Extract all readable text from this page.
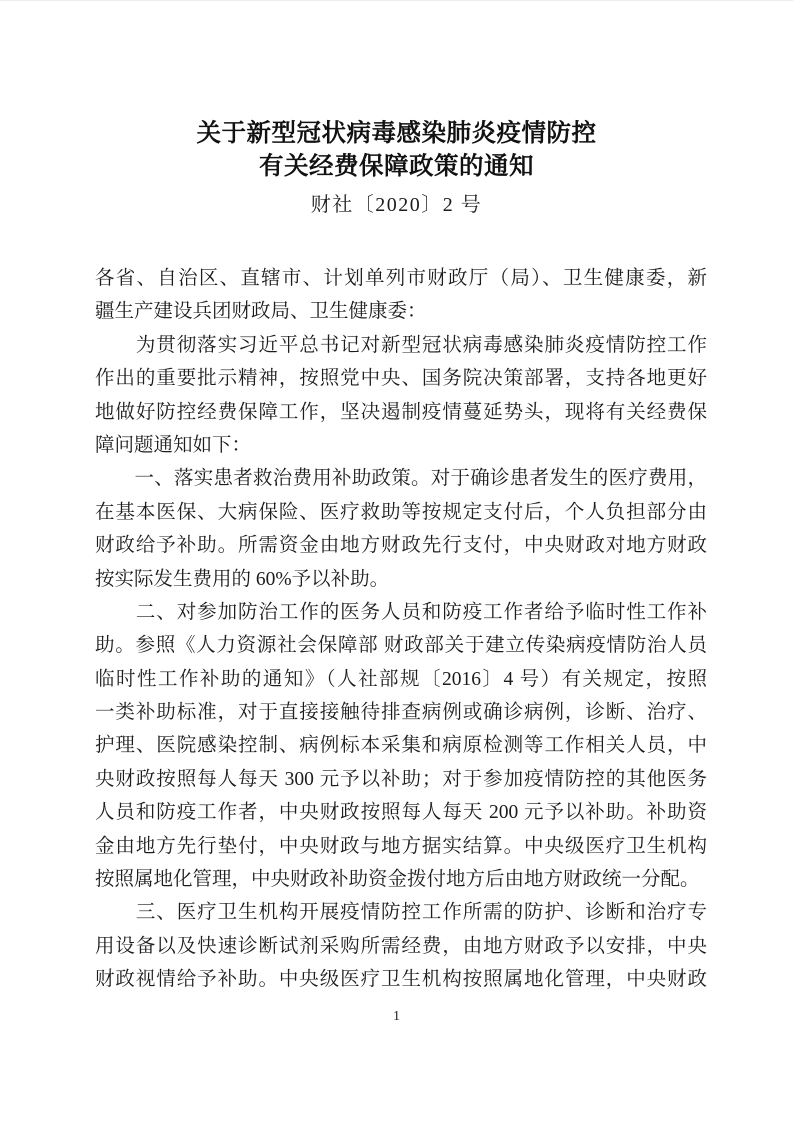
关于新型冠状病毒感染肺炎疫情防控
有关经费保障政策的通知
财社〔2020〕2 号
各省、自治区、直辖市、计划单列市财政厅（局）、卫生健康委，新
疆生产建设兵团财政局、卫生健康委：
　　为贯彻落实习近平总书记对新型冠状病毒感染肺炎疫情防控工作
作出的重要批示精神，按照党中央、国务院决策部署，支持各地更好
地做好防控经费保障工作，坚决遏制疫情蔓延势头，现将有关经费保
障问题通知如下：
　　一、落实患者救治费用补助政策。对于确诊患者发生的医疗费用，
在基本医保、大病保险、医疗救助等按规定支付后，个人负担部分由
财政给予补助。所需资金由地方财政先行支付，中央财政对地方财政
按实际发生费用的 60%予以补助。
　　二、对参加防治工作的医务人员和防疫工作者给予临时性工作补
助。参照《人力资源社会保障部 财政部关于建立传染病疫情防治人员
临时性工作补助的通知》（人社部规〔2016〕4 号）有关规定，按照
一类补助标准，对于直接接触待排查病例或确诊病例，诊断、治疗、
护理、医院感染控制、病例标本采集和病原检测等工作相关人员，中
央财政按照每人每天 300 元予以补助；对于参加疫情防控的其他医务
人员和防疫工作者，中央财政按照每人每天 200 元予以补助。补助资
金由地方先行垫付，中央财政与地方据实结算。中央级医疗卫生机构
按照属地化管理，中央财政补助资金拨付地方后由地方财政统一分配。
　　三、医疗卫生机构开展疫情防控工作所需的防护、诊断和治疗专
用设备以及快速诊断试剂采购所需经费，由地方财政予以安排，中央
财政视情给予补助。中央级医疗卫生机构按照属地化管理，中央财政
1
